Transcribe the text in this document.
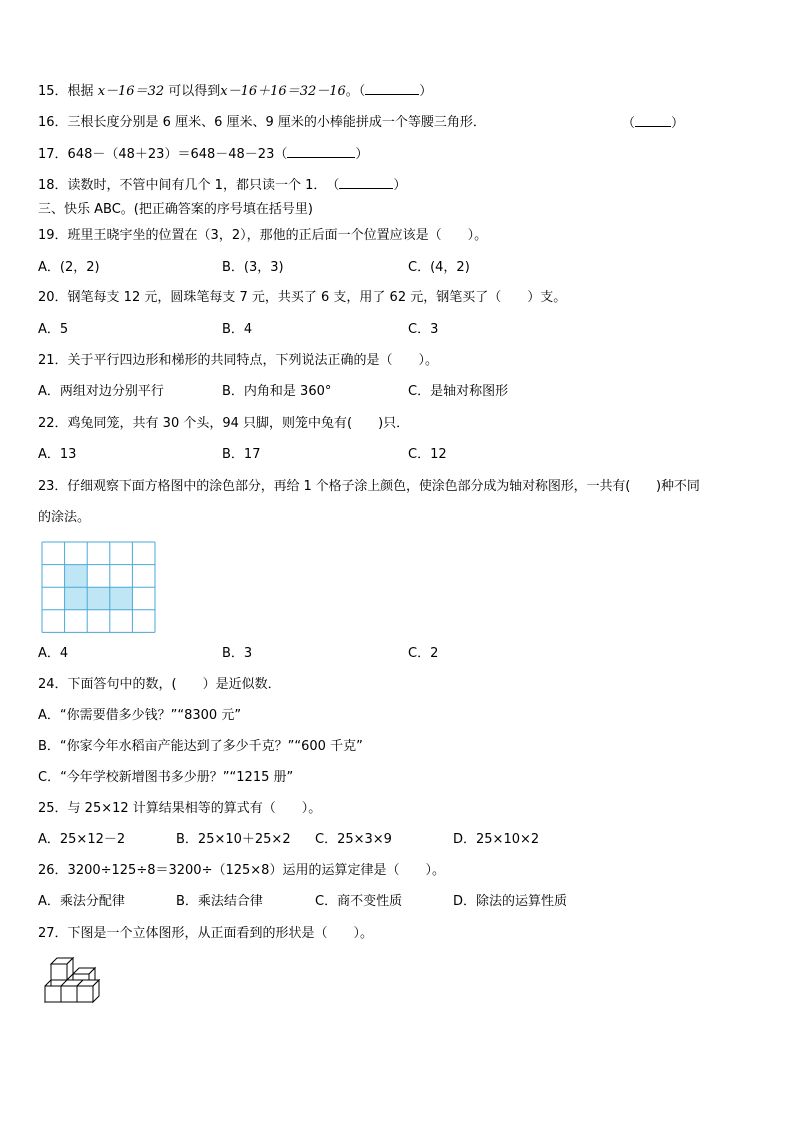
15．根据 x－16＝32 可以得到x－16＋16＝32－16。（	）
16．三根长度分别是 6 厘米、6 厘米、9 厘米的小棒能拼成一个等腰三角形．	（	）
17．648－（48＋23）＝648－48－23（	）
18．读数时，不管中间有几个 1，都只读一个 1．　（	）
三、快乐 ABC。(把正确答案的序号填在括号里)
19．班里王晓宇坐的位置在（3，2），那他的正后面一个位置应该是（　　）。
A．(2，2)	B．(3，3)	C．(4，2)
20．钢笔每支 12 元，圆珠笔每支 7 元，共买了 6 支，用了 62 元，钢笔买了（　　）支。
A．5	B．4	C．3
21．关于平行四边形和梯形的共同特点，下列说法正确的是（　　）。
A．两组对边分别平行	B．内角和是 360°	C．是轴对称图形
22．鸡兔同笼，共有 30 个头，94 只脚，则笼中兔有(　　)只．
A．13	B．17	C．12
23．仔细观察下面方格图中的涂色部分，再给 1 个格子涂上颜色，使涂色部分成为轴对称图形，一共有(　　)种不同
的涂法。
A．4	B．3	C．2
24．下面答句中的数，(　　）是近似数．
A．“你需要借多少钱？”“8300 元”
B．“你家今年水稻亩产能达到了多少千克？”“600 千克”
C．“今年学校新增图书多少册？”“1215 册”
25．与 25×12 计算结果相等的算式有（　　）。
A．25×12－2	B．25×10＋25×2 C．25×3×9	D．25×10×2
26．3200÷125÷8＝3200÷（125×8）运用的运算定律是（　　）。
A．乘法分配律	B．乘法结合律	C．商不变性质	D．除法的运算性质
27．下图是一个立体图形，从正面看到的形状是（　　）。
